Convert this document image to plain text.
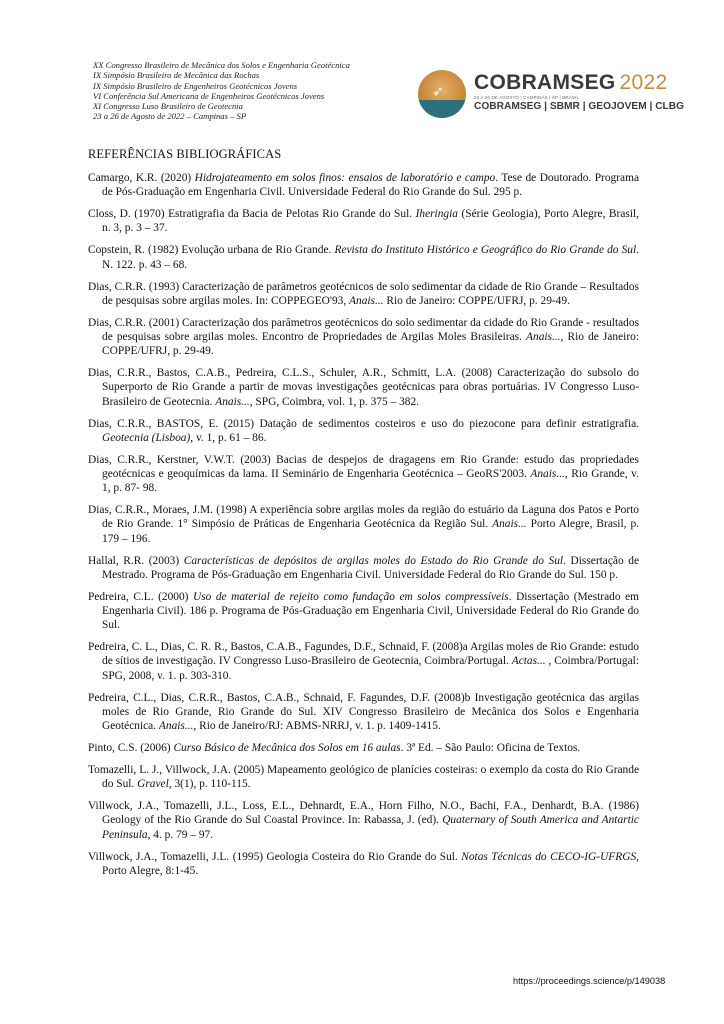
XX Congresso Brasileiro de Mecânica dos Solos e Engenharia Geotécnica
IX Simpósio Brasileiro de Mecânica das Rochas
IX Simpósio Brasileiro de Engenheiros Geotécnicos Jovens
VI Conferência Sul Americana de Engenheiros Geotécnicos Jovens
XI Congresso Luso Brasileiro de Geotecnia
23 a 26 de Agosto de 2022 – Campinas – SP
➶ COBRAMSEG 2022
23 A 26 DE AGOSTO | CAMPINAS | SP | BRASIL
COBRAMSEG | SBMR | GEOJOVEM | CLBG
REFERÊNCIAS BIBLIOGRÁFICAS
Camargo, K.R. (2020) Hidrojateamento em solos finos: ensaios de laboratório e campo. Tese de Doutorado. Programa de Pós-Graduação em Engenharia Civil. Universidade Federal do Rio Grande do Sul. 295 p.
Closs, D. (1970) Estratigrafia da Bacia de Pelotas Rio Grande do Sul. Iheringia (Série Geologia), Porto Alegre, Brasil, n. 3, p. 3 – 37.
Copstein, R. (1982) Evolução urbana de Rio Grande. Revista do Instituto Histórico e Geográfico do Rio Grande do Sul. N. 122. p. 43 – 68.
Dias, C.R.R. (1993) Caracterização de parâmetros geotécnicos de solo sedimentar da cidade de Rio Grande – Resultados de pesquisas sobre argilas moles. In: COPPEGEO'93, Anais... Rio de Janeiro: COPPE/UFRJ, p. 29-49.
Dias, C.R.R. (2001) Caracterização dos parâmetros geotécnicos do solo sedimentar da cidade do Rio Grande - resultados de pesquisas sobre argilas moles. Encontro de Propriedades de Argilas Moles Brasileiras. Anais..., Rio de Janeiro: COPPE/UFRJ, p. 29-49.
Dias, C.R.R., Bastos, C.A.B., Pedreira, C.L.S., Schuler, A.R., Schmitt, L.A. (2008) Caracterização do subsolo do Superporto de Rio Grande a partir de movas investigações geotécnicas para obras portuárias. IV Congresso Luso-Brasileiro de Geotecnia. Anais..., SPG, Coimbra, vol. 1, p. 375 – 382.
Dias, C.R.R., BASTOS, E. (2015) Datação de sedimentos costeiros e uso do piezocone para definir estratigrafia. Geotecnia (Lisboa), v. 1, p. 61 – 86.
Dias, C.R.R., Kerstner, V.W.T. (2003) Bacias de despejos de dragagens em Rio Grande: estudo das propriedades geotécnicas e geoquímicas da lama. II Seminário de Engenharia Geotécnica – GeoRS'2003. Anais..., Rio Grande, v. 1, p. 87- 98.
Dias, C.R.R., Moraes, J.M. (1998) A experiência sobre argilas moles da região do estuário da Laguna dos Patos e Porto de Rio Grande. 1° Simpósio de Práticas de Engenharia Geotécnica da Região Sul. Anais... Porto Alegre, Brasil, p. 179 – 196.
Hallal, R.R. (2003) Características de depósitos de argilas moles do Estado do Rio Grande do Sul. Dissertação de Mestrado. Programa de Pós-Graduação em Engenharia Civil. Universidade Federal do Rio Grande do Sul. 150 p.
Pedreira, C.L. (2000) Uso de material de rejeito como fundação em solos compressíveis. Dissertação (Mestrado em Engenharia Civil). 186 p. Programa de Pós-Graduação em Engenharia Civil, Universidade Federal do Rio Grande do Sul.
Pedreira, C. L., Dias, C. R. R., Bastos, C.A.B., Fagundes, D.F., Schnaid, F. (2008)a Argilas moles de Rio Grande: estudo de sítios de investigação. IV Congresso Luso-Brasileiro de Geotecnia, Coimbra/Portugal. Actas... , Coimbra/Portugal: SPG, 2008, v. 1. p. 303-310.
Pedreira, C.L., Dias, C.R.R., Bastos, C.A.B., Schnaid, F. Fagundes, D.F. (2008)b Investigação geotécnica das argilas moles de Rio Grande, Rio Grande do Sul. XIV Congresso Brasileiro de Mecânica dos Solos e Engenharia Geotécnica. Anais..., Rio de Janeiro/RJ: ABMS-NRRJ, v. 1. p. 1409-1415.
Pinto, C.S. (2006) Curso Básico de Mecânica dos Solos em 16 aulas. 3ª Ed. – São Paulo: Oficina de Textos.
Tomazelli, L. J., Villwock, J.A. (2005) Mapeamento geológico de planícies costeiras: o exemplo da costa do Rio Grande do Sul. Gravel, 3(1), p. 110-115.
Villwock, J.A., Tomazelli, J.L., Loss, E.L., Dehnardt, E.A., Horn Filho, N.O., Bachi, F.A., Denhardt, B.A. (1986) Geology of the Rio Grande do Sul Coastal Province. In: Rabassa, J. (ed). Quaternary of South America and Antartic Peninsula, 4. p. 79 – 97.
Villwock, J.A., Tomazelli, J.L. (1995) Geologia Costeira do Rio Grande do Sul. Notas Técnicas do CECO-IG-UFRGS, Porto Alegre, 8:1-45.
https://proceedings.science/p/149038
